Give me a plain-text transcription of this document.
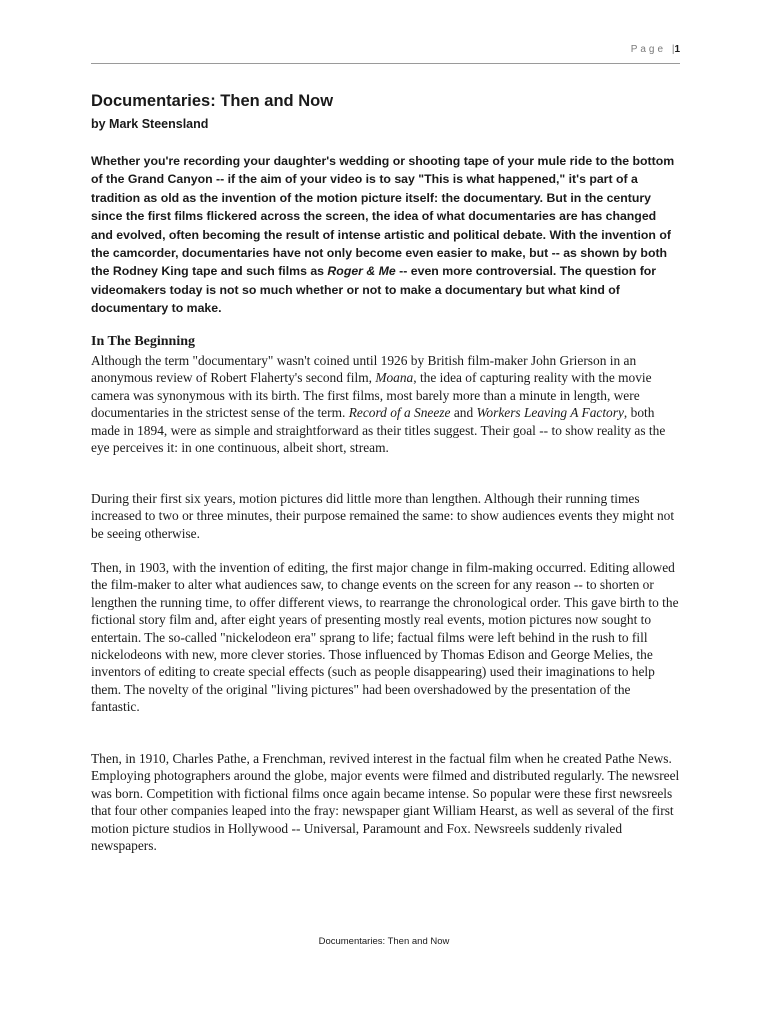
Page |1
Documentaries: Then and Now

by Mark Steensland

Whether you're recording your daughter's wedding or shooting tape of your mule ride to the bottom of the Grand Canyon -- if the aim of your video is to say "This is what happened," it's part of a tradition as old as the invention of the motion picture itself: the documentary. But in the century since the first films flickered across the screen, the idea of what documentaries are has changed and evolved, often becoming the result of intense artistic and political debate. With the invention of the camcorder, documentaries have not only become even easier to make, but -- as shown by both the Rodney King tape and such films as Roger & Me -- even more controversial. The question for videomakers today is not so much whether or not to make a documentary but what kind of documentary to make.

In The Beginning

Although the term "documentary" wasn't coined until 1926 by British film-maker John Grierson in an anonymous review of Robert Flaherty's second film, Moana, the idea of capturing reality with the movie camera was synonymous with its birth. The first films, most barely more than a minute in length, were documentaries in the strictest sense of the term. Record of a Sneeze and Workers Leaving A Factory, both made in 1894, were as simple and straightforward as their titles suggest. Their goal -- to show reality as the eye perceives it: in one continuous, albeit short, stream.

During their first six years, motion pictures did little more than lengthen. Although their running times increased to two or three minutes, their purpose remained the same: to show audiences events they might not be seeing otherwise.

Then, in 1903, with the invention of editing, the first major change in film-making occurred. Editing allowed the film-maker to alter what audiences saw, to change events on the screen for any reason -- to shorten or lengthen the running time, to offer different views, to rearrange the chronological order. This gave birth to the fictional story film and, after eight years of presenting mostly real events, motion pictures now sought to entertain. The so-called "nickelodeon era" sprang to life; factual films were left behind in the rush to fill nickelodeons with new, more clever stories. Those influenced by Thomas Edison and George Melies, the inventors of editing to create special effects (such as people disappearing) used their imaginations to help them. The novelty of the original "living pictures" had been overshadowed by the presentation of the fantastic.

Then, in 1910, Charles Pathe, a Frenchman, revived interest in the factual film when he created Pathe News. Employing photographers around the globe, major events were filmed and distributed regularly. The newsreel was born. Competition with fictional films once again became intense. So popular were these first newsreels that four other companies leaped into the fray: newspaper giant William Hearst, as well as several of the first motion picture studios in Hollywood -- Universal, Paramount and Fox. Newsreels suddenly rivaled newspapers.

Documentaries: Then and Now
